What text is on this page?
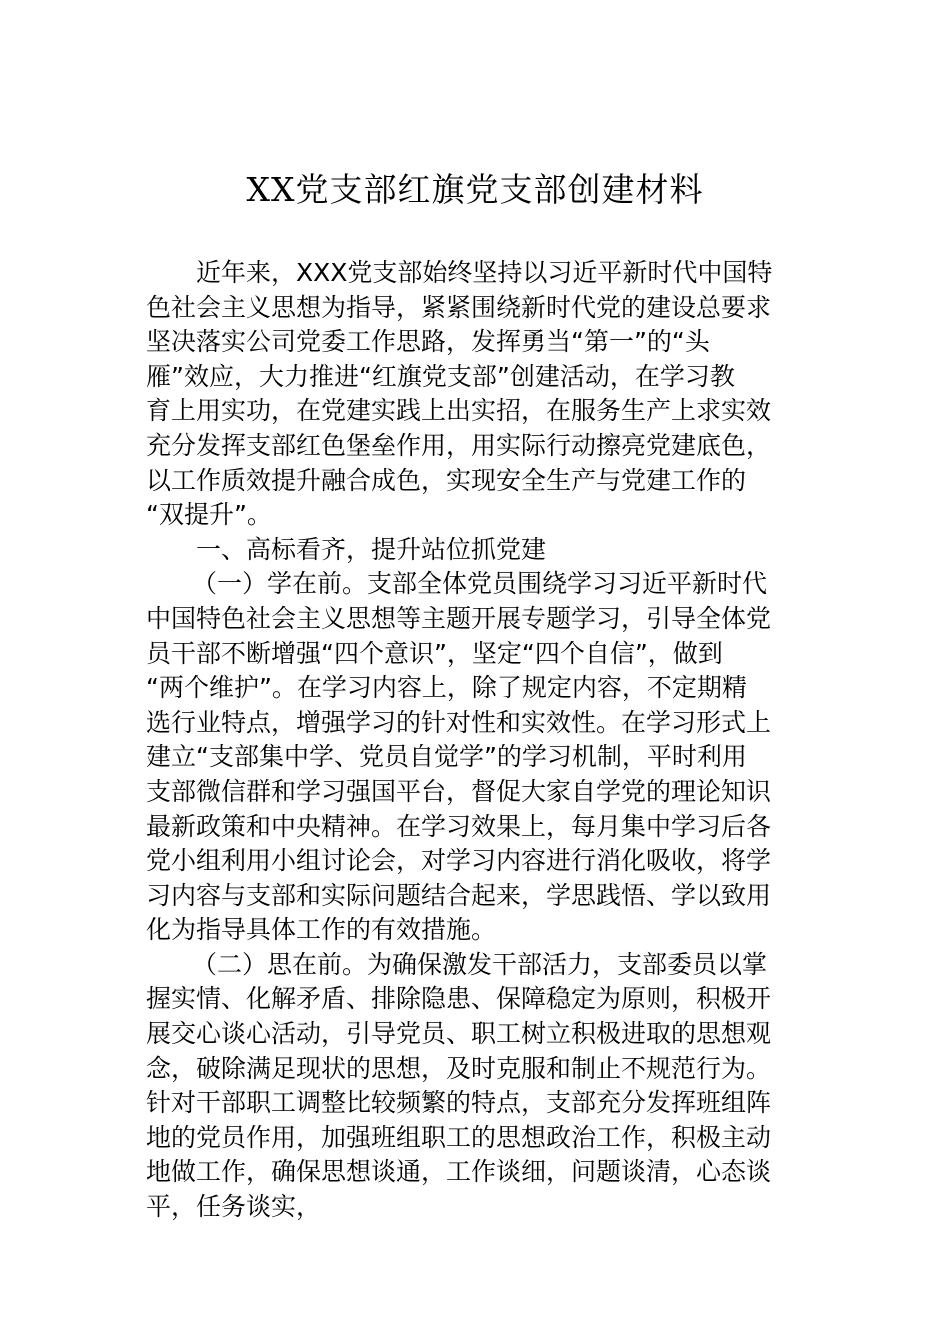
XX党支部红旗党支部创建材料
近年来，XXX党支部始终坚持以习近平新时代中国特
色社会主义思想为指导，紧紧围绕新时代党的建设总要求
坚决落实公司党委工作思路，发挥勇当“第一”的“头
雁”效应，大力推进“红旗党支部”创建活动，在学习教
育上用实功，在党建实践上出实招，在服务生产上求实效
充分发挥支部红色堡垒作用，用实际行动擦亮党建底色，
以工作质效提升融合成色，实现安全生产与党建工作的
“双提升”。
一、高标看齐，提升站位抓党建
（一）学在前。支部全体党员围绕学习习近平新时代
中国特色社会主义思想等主题开展专题学习，引导全体党
员干部不断增强“四个意识”，坚定“四个自信”，做到
“两个维护”。在学习内容上，除了规定内容，不定期精
选行业特点，增强学习的针对性和实效性。在学习形式上
建立“支部集中学、党员自觉学”的学习机制，平时利用
支部微信群和学习强国平台，督促大家自学党的理论知识
最新政策和中央精神。在学习效果上，每月集中学习后各
党小组利用小组讨论会，对学习内容进行消化吸收，将学
习内容与支部和实际问题结合起来，学思践悟、学以致用
化为指导具体工作的有效措施。
（二）思在前。为确保激发干部活力，支部委员以掌
握实情、化解矛盾、排除隐患、保障稳定为原则，积极开
展交心谈心活动，引导党员、职工树立积极进取的思想观
念，破除满足现状的思想，及时克服和制止不规范行为。
针对干部职工调整比较频繁的特点，支部充分发挥班组阵
地的党员作用，加强班组职工的思想政治工作，积极主动
地做工作，确保思想谈通，工作谈细，问题谈清，心态谈
平，任务谈实，
